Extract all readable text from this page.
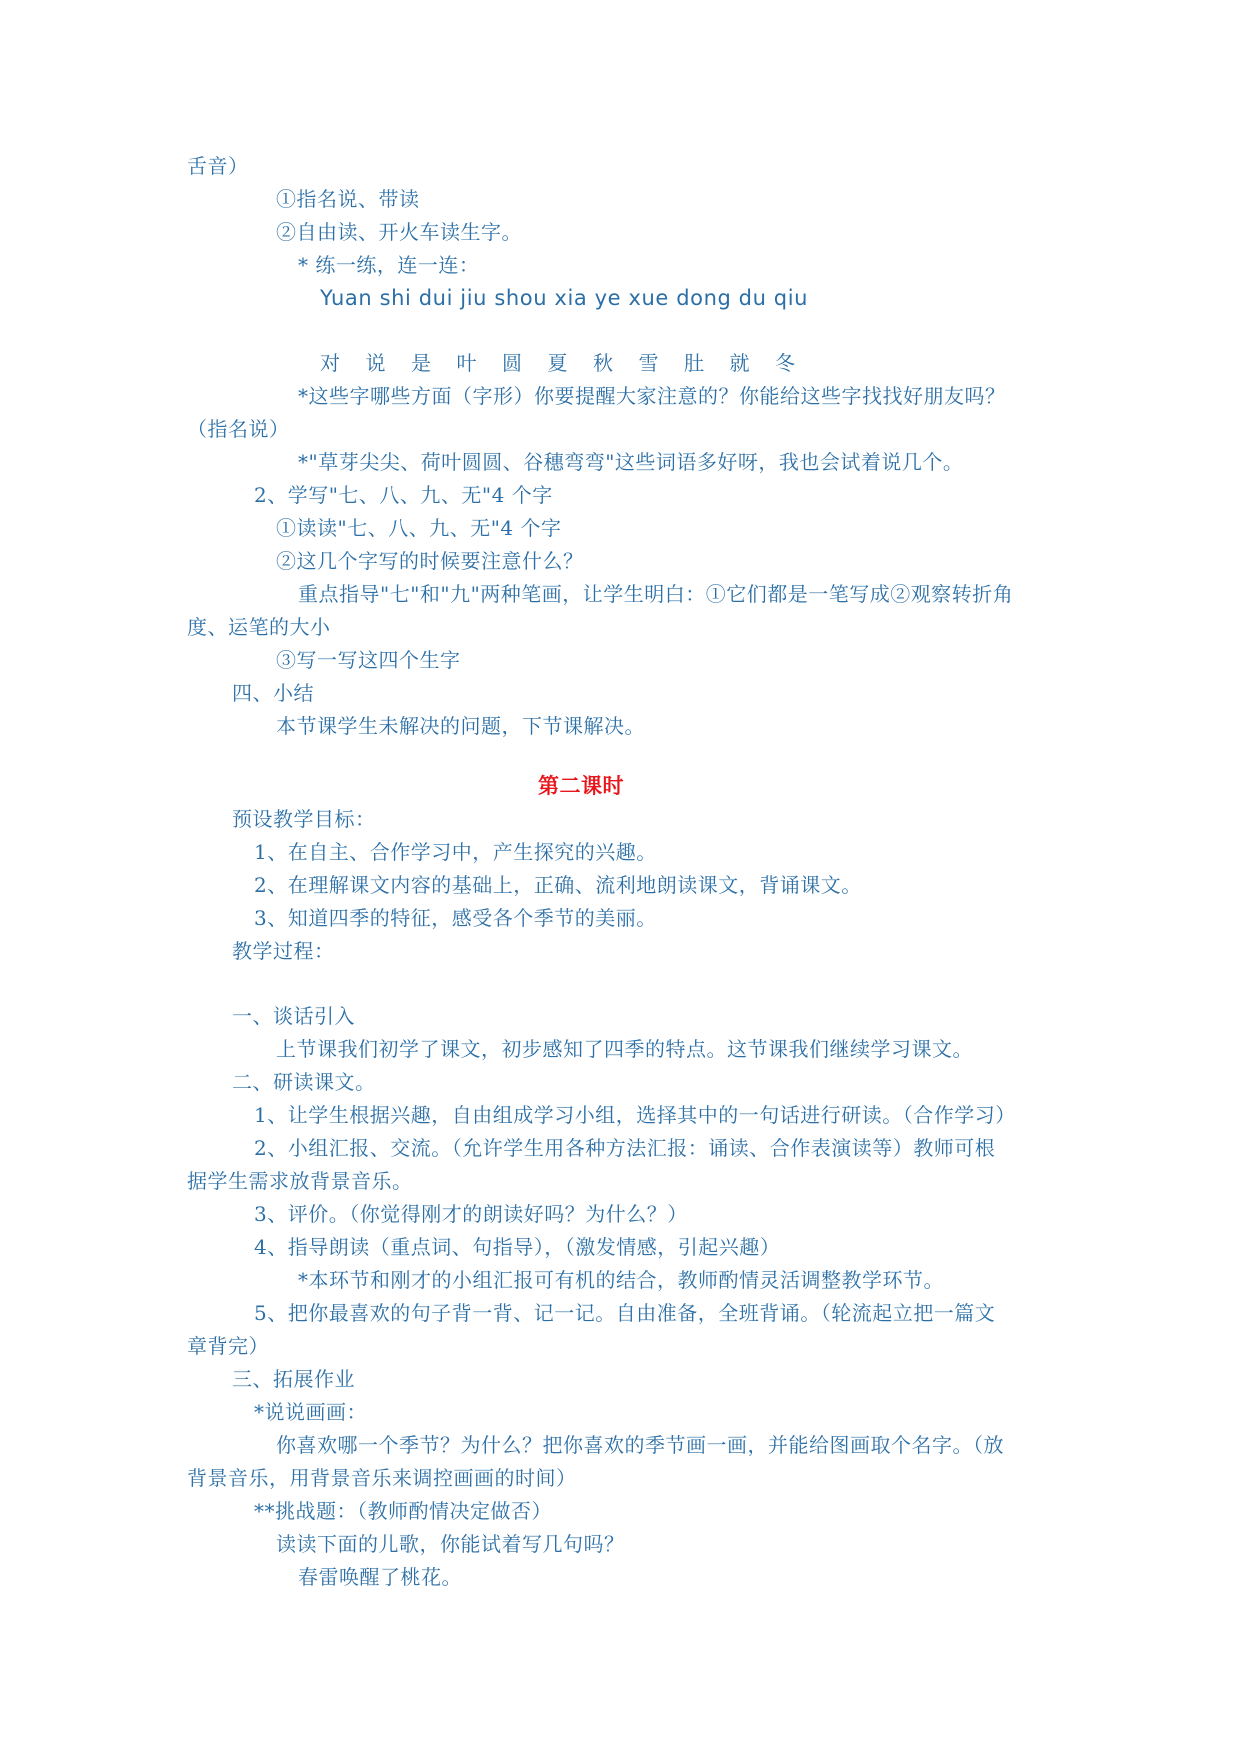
舌音）
①指名说、带读
②自由读、开火车读生字。
* 练一练，连一连：
Yuan shi dui jiu shou xia ye xue dong du qiu
对 说 是 叶 圆 夏 秋 雪 肚 就 冬
*这些字哪些方面（字形）你要提醒大家注意的？你能给这些字找找好朋友吗？
（指名说）
*"草芽尖尖、荷叶圆圆、谷穗弯弯"这些词语多好呀，我也会试着说几个。
2、学写"七、八、九、无"4 个字
①读读"七、八、九、无"4 个字
②这几个字写的时候要注意什么？
重点指导"七"和"九"两种笔画，让学生明白：①它们都是一笔写成②观察转折角
度、运笔的大小
③写一写这四个生字
四、小结
本节课学生未解决的问题，下节课解决。
第二课时
预设教学目标：
1、在自主、合作学习中，产生探究的兴趣。
2、在理解课文内容的基础上，正确、流利地朗读课文，背诵课文。
3、知道四季的特征，感受各个季节的美丽。
教学过程：
一、谈话引入
上节课我们初学了课文，初步感知了四季的特点。这节课我们继续学习课文。
二、研读课文。
1、让学生根据兴趣，自由组成学习小组，选择其中的一句话进行研读。（合作学习）
2、小组汇报、交流。（允许学生用各种方法汇报：诵读、合作表演读等）教师可根
据学生需求放背景音乐。
3、评价。（你觉得刚才的朗读好吗？为什么？）
4、指导朗读（重点词、句指导），（激发情感，引起兴趣）
*本环节和刚才的小组汇报可有机的结合，教师酌情灵活调整教学环节。
5、把你最喜欢的句子背一背、记一记。自由准备，全班背诵。（轮流起立把一篇文
章背完）
三、拓展作业
*说说画画：
你喜欢哪一个季节？为什么？把你喜欢的季节画一画，并能给图画取个名字。（放
背景音乐，用背景音乐来调控画画的时间）
**挑战题：（教师酌情决定做否）
读读下面的儿歌，你能试着写几句吗？
春雷唤醒了桃花。
